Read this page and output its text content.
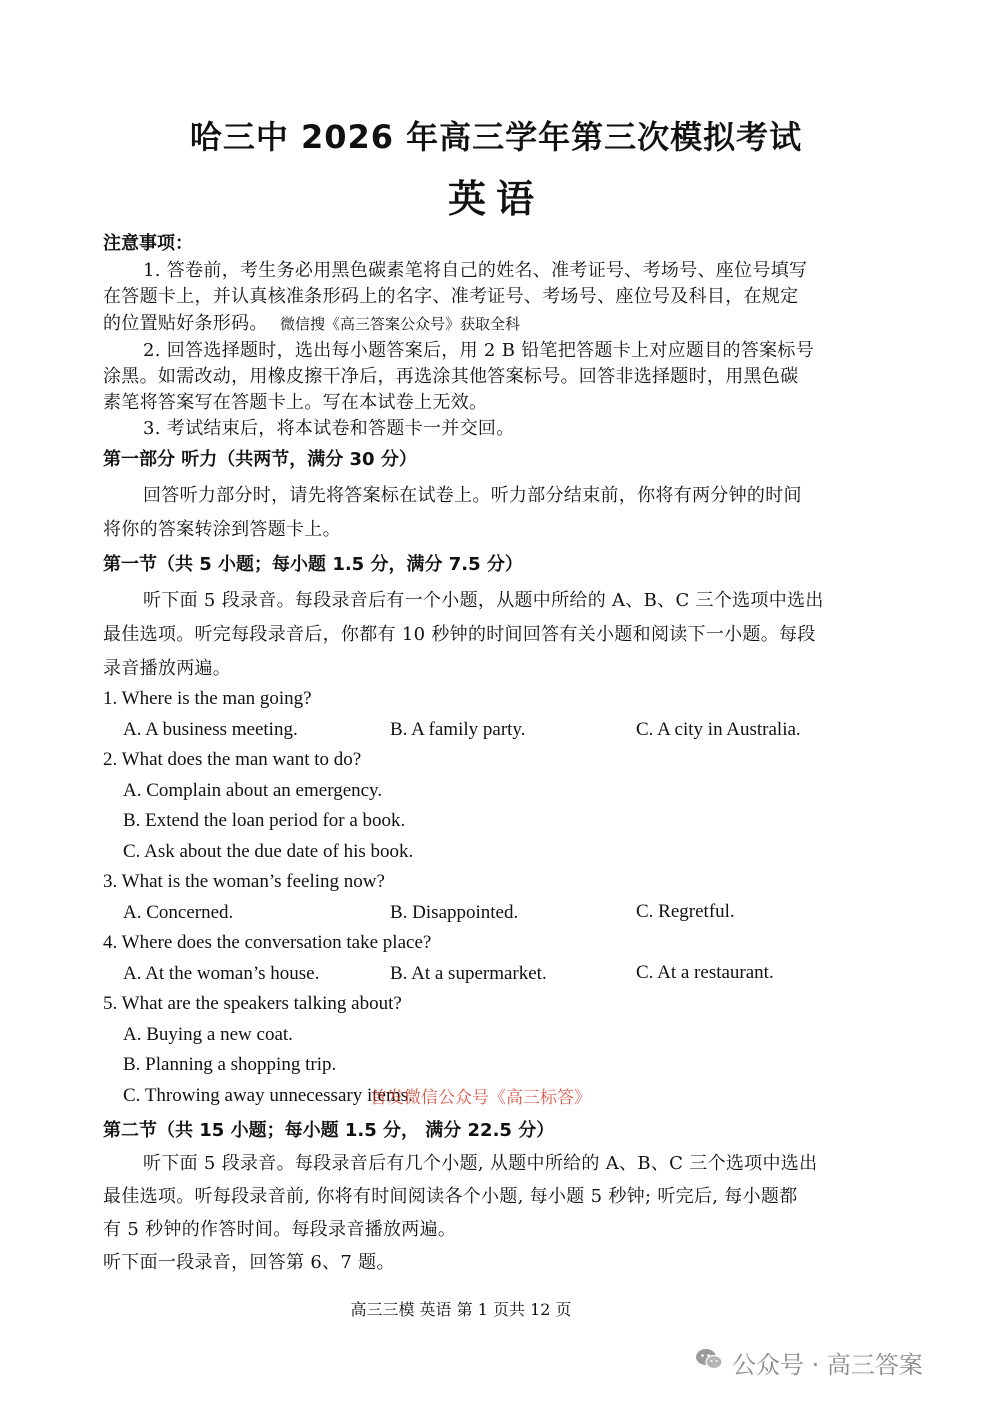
哈三中 2026 年高三学年第三次模拟考试
英语
注意事项：
1. 答卷前，考生务必用黑色碳素笔将自己的姓名、准考证号、考场号、座位号填写
在答题卡上，并认真核准条形码上的名字、准考证号、考场号、座位号及科目，在规定
的位置贴好条形码。 微信搜《高三答案公众号》获取全科
2. 回答选择题时，选出每小题答案后，用 2 B 铅笔把答题卡上对应题目的答案标号
涂黑。如需改动，用橡皮擦干净后，再选涂其他答案标号。回答非选择题时，用黑色碳
素笔将答案写在答题卡上。写在本试卷上无效。
3. 考试结束后，将本试卷和答题卡一并交回。
第一部分 听力（共两节，满分 30 分）
回答听力部分时，请先将答案标在试卷上。听力部分结束前，你将有两分钟的时间
将你的答案转涂到答题卡上。
第一节（共 5 小题；每小题 1.5 分，满分 7.5 分）
听下面 5 段录音。每段录音后有一个小题，从题中所给的 A、B、C 三个选项中选出
最佳选项。听完每段录音后，你都有 10 秒钟的时间回答有关小题和阅读下一小题。每段
录音播放两遍。
1. Where is the man going?
A. A business meeting.	B. A family party.	C. A city in Australia.
2. What does the man want to do?
A. Complain about an emergency.
B. Extend the loan period for a book.
C. Ask about the due date of his book.
3. What is the woman’s feeling now?
A. Concerned.	B. Disappointed.	C. Regretful.
4. Where does the conversation take place?
A. At the woman’s house.	B. At a supermarket.	C. At a restaurant.
5. What are the speakers talking about?
A. Buying a new coat.
B. Planning a shopping trip.
C. Throwing away unnecessary items.
首发微信公众号《高三标答》
第二节（共 15 小题；每小题 1.5 分， 满分 22.5 分）
听下面 5 段录音。每段录音后有几个小题, 从题中所给的 A、B、C 三个选项中选出
最佳选项。听每段录音前, 你将有时间阅读各个小题, 每小题 5 秒钟; 听完后, 每小题都
有 5 秒钟的作答时间。每段录音播放两遍。
听下面一段录音，回答第 6、7 题。
高三三模 英语 第 1 页共 12 页
公众号 · 高三答案
